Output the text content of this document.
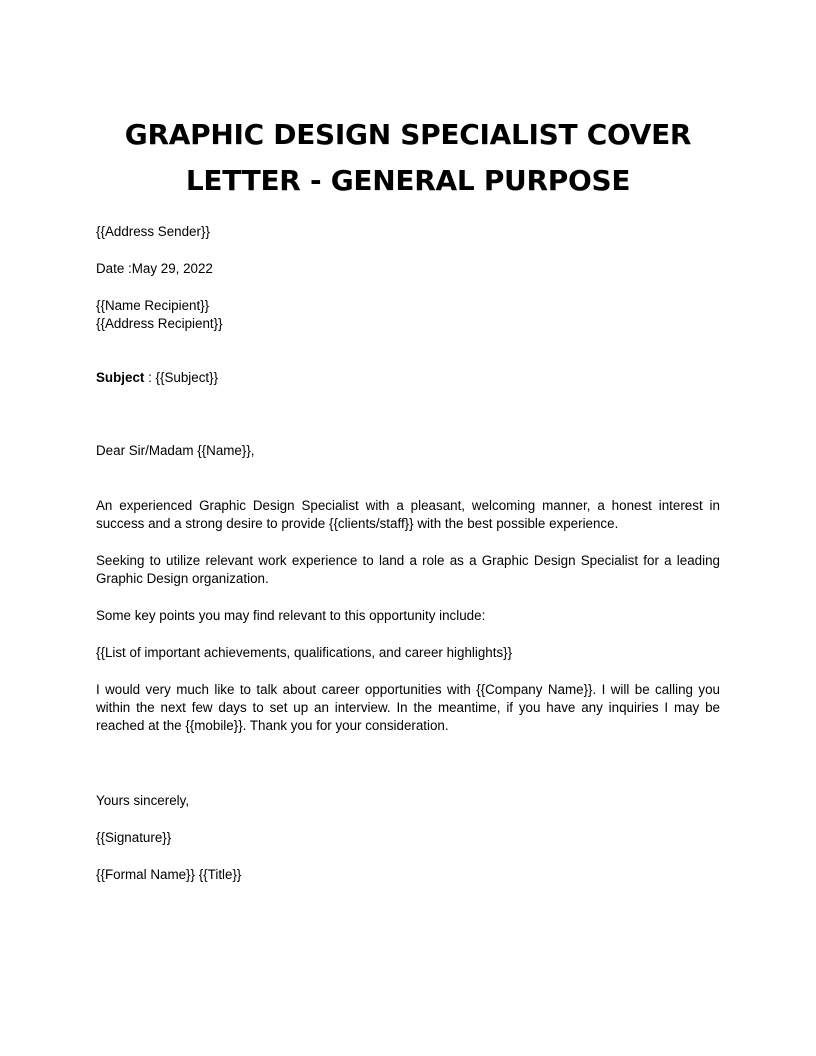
GRAPHIC DESIGN SPECIALIST COVER LETTER - GENERAL PURPOSE

{{Address Sender}}

Date :May 29, 2022

{{Name Recipient}}

{{Address Recipient}}

Subject : {{Subject}}

Dear Sir/Madam {{Name}},

An experienced Graphic Design Specialist with a pleasant, welcoming manner, a honest interest in success and a strong desire to provide {{clients/staff}} with the best possible experience.

Seeking to utilize relevant work experience to land a role as a Graphic Design Specialist for a leading Graphic Design organization.

Some key points you may find relevant to this opportunity include:

{{List of important achievements, qualifications, and career highlights}}

I would very much like to talk about career opportunities with {{Company Name}}. I will be calling you within the next few days to set up an interview. In the meantime, if you have any inquiries I may be reached at the {{mobile}}. Thank you for your consideration.

Yours sincerely,

{{Signature}}

{{Formal Name}} {{Title}}
